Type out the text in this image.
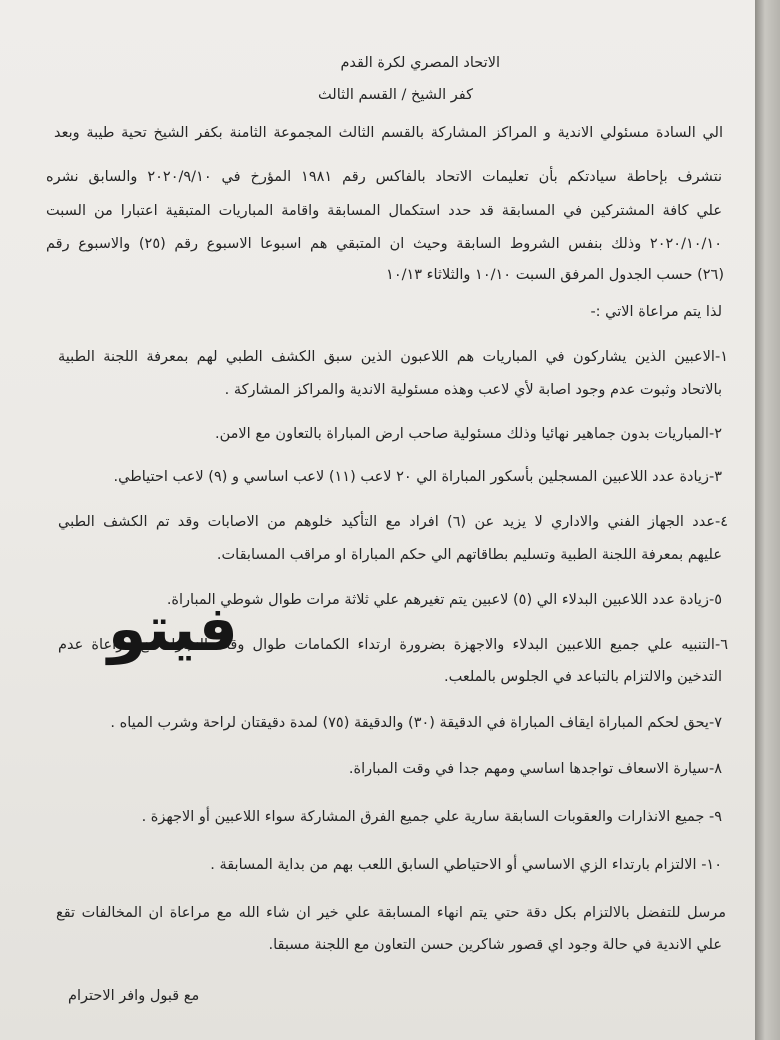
الاتحاد المصري لكرة القدم
كفر الشيخ / القسم الثالث
الي السادة مسئولي الاندية و المراكز المشاركة بالقسم الثالث المجموعة الثامنة بكفر الشيخ تحية طيبة وبعد
نتشرف بإحاطة سيادتكم بأن تعليمات الاتحاد بالفاكس رقم ١٩٨١ المؤرخ في ٢٠٢٠/٩/١٠ والسابق نشره
علي كافة المشتركين في المسابقة قد حدد استكمال المسابقة واقامة المباريات المتبقية اعتبارا من السبت
٢٠٢٠/١٠/١٠ وذلك بنفس الشروط السابقة وحيث ان المتبقي هم اسبوعا الاسبوع رقم (٢٥) والاسبوع رقم
(٢٦) حسب الجدول المرفق السبت ١٠/١٠ والثلاثاء ١٠/١٣
لذا يتم مراعاة الاتي :-
١-الاعبين الذين يشاركون في المباريات هم اللاعبون الذين سبق الكشف الطبي لهم بمعرفة اللجنة الطبية
بالاتحاد وثبوت عدم وجود اصابة لأي لاعب وهذه مسئولية الاندية والمراكز المشاركة .
٢-المباريات بدون جماهير نهائيا وذلك مسئولية صاحب ارض المباراة بالتعاون مع الامن.
٣-زيادة عدد اللاعبين المسجلين بأسكور المباراة الي ٢٠ لاعب (١١) لاعب اساسي و (٩) لاعب احتياطي.
٤-عدد الجهاز الفني والاداري لا يزيد عن (٦) افراد مع التأكيد خلوهم من الاصابات وقد تم الكشف الطبي
عليهم بمعرفة اللجنة الطبية وتسليم بطاقاتهم الي حكم المباراة او مراقب المسابقات.
٥-زيادة عدد اللاعبين البدلاء الي (٥) لاعبين يتم تغيرهم علي ثلاثة مرات طوال شوطي المباراة.
٦-التنبيه علي جميع اللاعبين البدلاء والاجهزة بضرورة ارتداء الكمامات طوال وقت المباراة مع مراعاة عدم
التدخين والالتزام بالتباعد في الجلوس بالملعب.
٧-يحق لحكم المباراة ايقاف المباراة في الدقيقة (٣٠) والدقيقة (٧٥) لمدة دقيقتان لراحة وشرب المياه .
٨-سيارة الاسعاف تواجدها اساسي ومهم جدا في وقت المباراة.
٩- جميع الانذارات والعقوبات السابقة سارية علي جميع الفرق المشاركة سواء اللاعبين أو الاجهزة .
١٠- الالتزام بارتداء الزي الاساسي أو الاحتياطي السابق اللعب بهم من بداية المسابقة .
مرسل للتفضل بالالتزام بكل دقة حتي يتم انهاء المسابقة علي خير ان شاء الله مع مراعاة ان المخالفات تقع
علي الاندية في حالة وجود اي قصور شاكرين حسن التعاون مع اللجنة مسبقا.
مع قبول وافر الاحترام
فيتو
